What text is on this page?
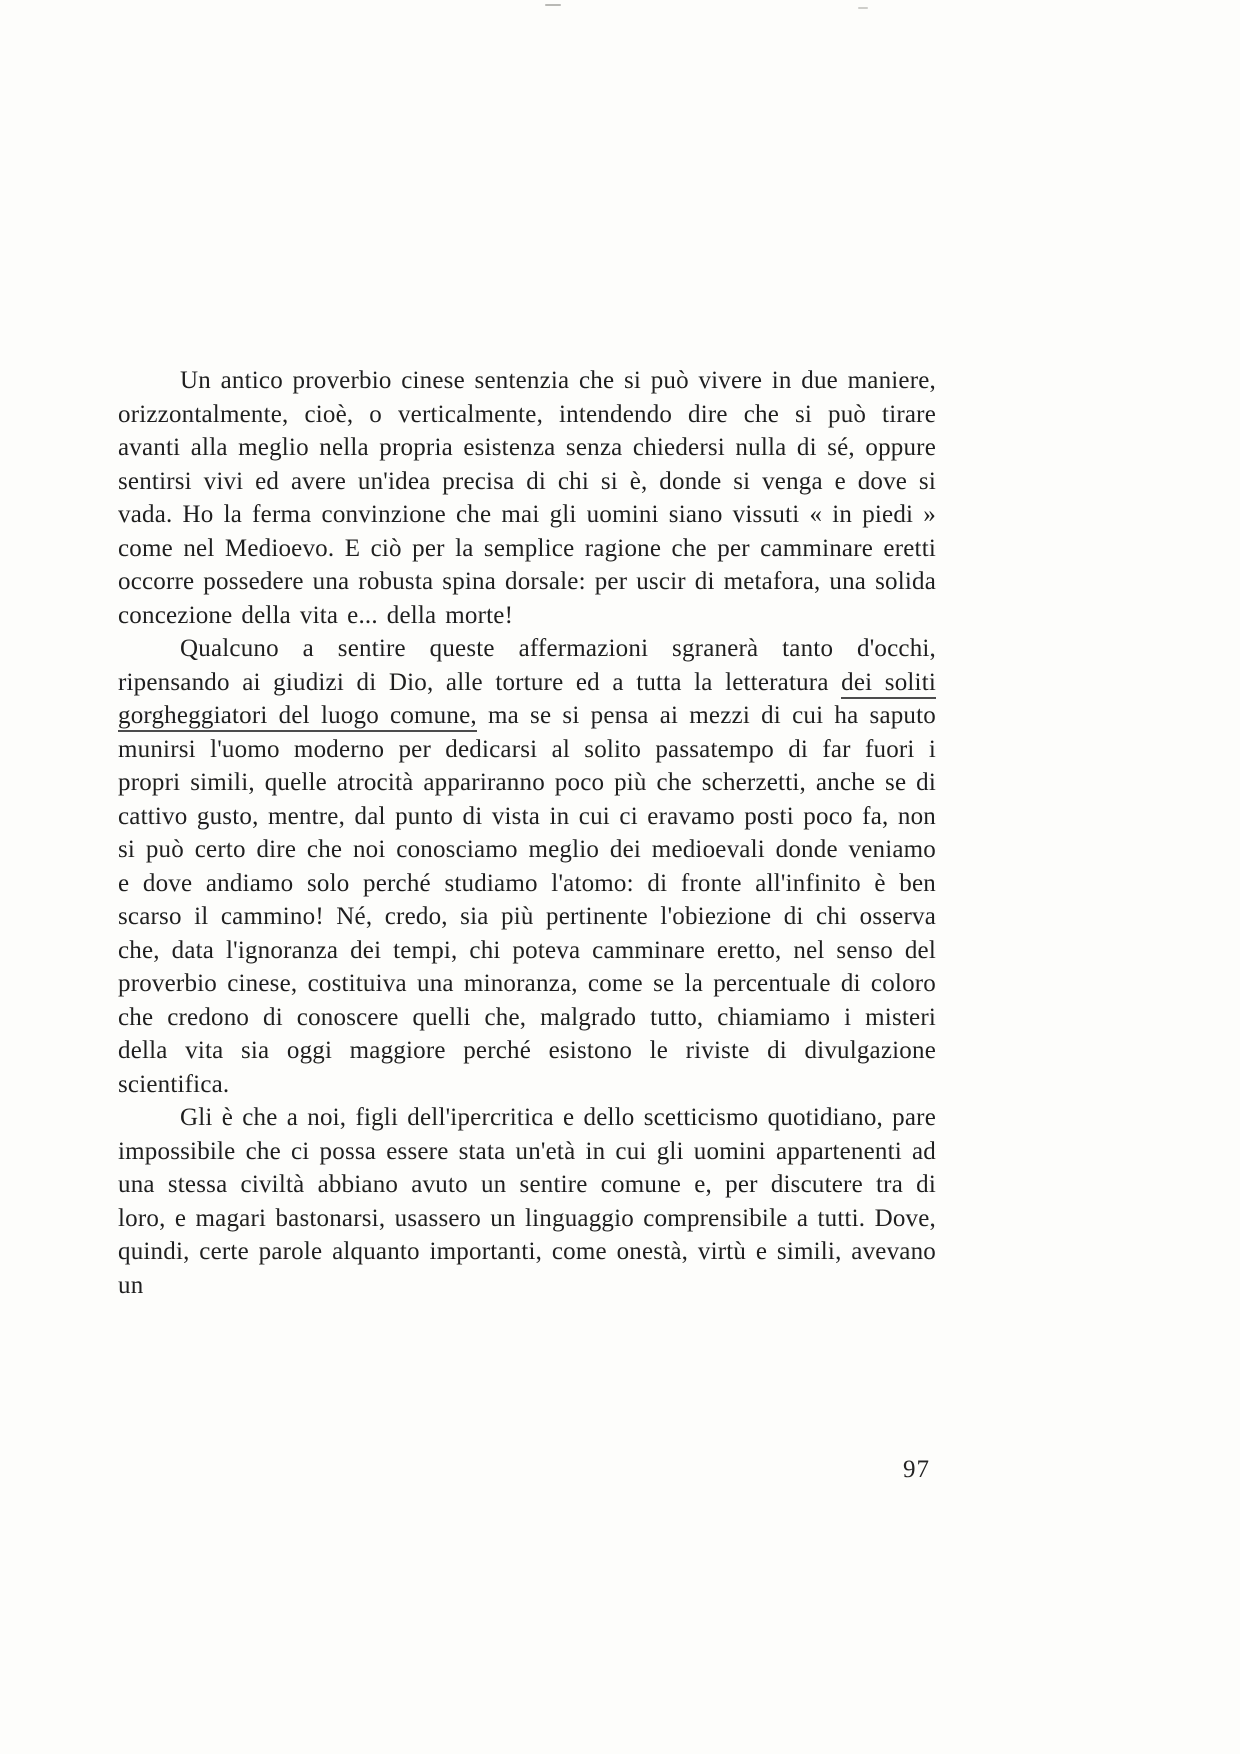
Un antico proverbio cinese sentenzia che si può vivere in due maniere, orizzontalmente, cioè, o verticalmente, intendendo dire che si può tirare avanti alla meglio nella propria esistenza senza chiedersi nulla di sé, oppure sentirsi vivi ed avere un'idea precisa di chi si è, donde si venga e dove si vada. Ho la ferma convinzione che mai gli uomini siano vissuti « in piedi » come nel Medioevo. E ciò per la semplice ragione che per camminare eretti occorre possedere una robusta spina dorsale: per uscir di metafora, una solida concezione della vita e... della morte!

Qualcuno a sentire queste affermazioni sgranerà tanto d'occhi, ripensando ai giudizi di Dio, alle torture ed a tutta la letteratura dei soliti gorgheggiatori del luogo comune, ma se si pensa ai mezzi di cui ha saputo munirsi l'uomo moderno per dedicarsi al solito passatempo di far fuori i propri simili, quelle atrocità appariranno poco più che scherzetti, anche se di cattivo gusto, mentre, dal punto di vista in cui ci eravamo posti poco fa, non si può certo dire che noi conosciamo meglio dei medioevali donde veniamo e dove andiamo solo perché studiamo l'atomo: di fronte all'infinito è ben scarso il cammino! Né, credo, sia più pertinente l'obiezione di chi osserva che, data l'ignoranza dei tempi, chi poteva camminare eretto, nel senso del proverbio cinese, costituiva una minoranza, come se la percentuale di coloro che credono di conoscere quelli che, malgrado tutto, chiamiamo i misteri della vita sia oggi maggiore perché esistono le riviste di divulgazione scientifica.

Gli è che a noi, figli dell'ipercritica e dello scetticismo quotidiano, pare impossibile che ci possa essere stata un'età in cui gli uomini appartenenti ad una stessa civiltà abbiano avuto un sentire comune e, per discutere tra di loro, e magari bastonarsi, usassero un linguaggio comprensibile a tutti. Dove, quindi, certe parole alquanto importanti, come onestà, virtù e simili, avevano un

97
